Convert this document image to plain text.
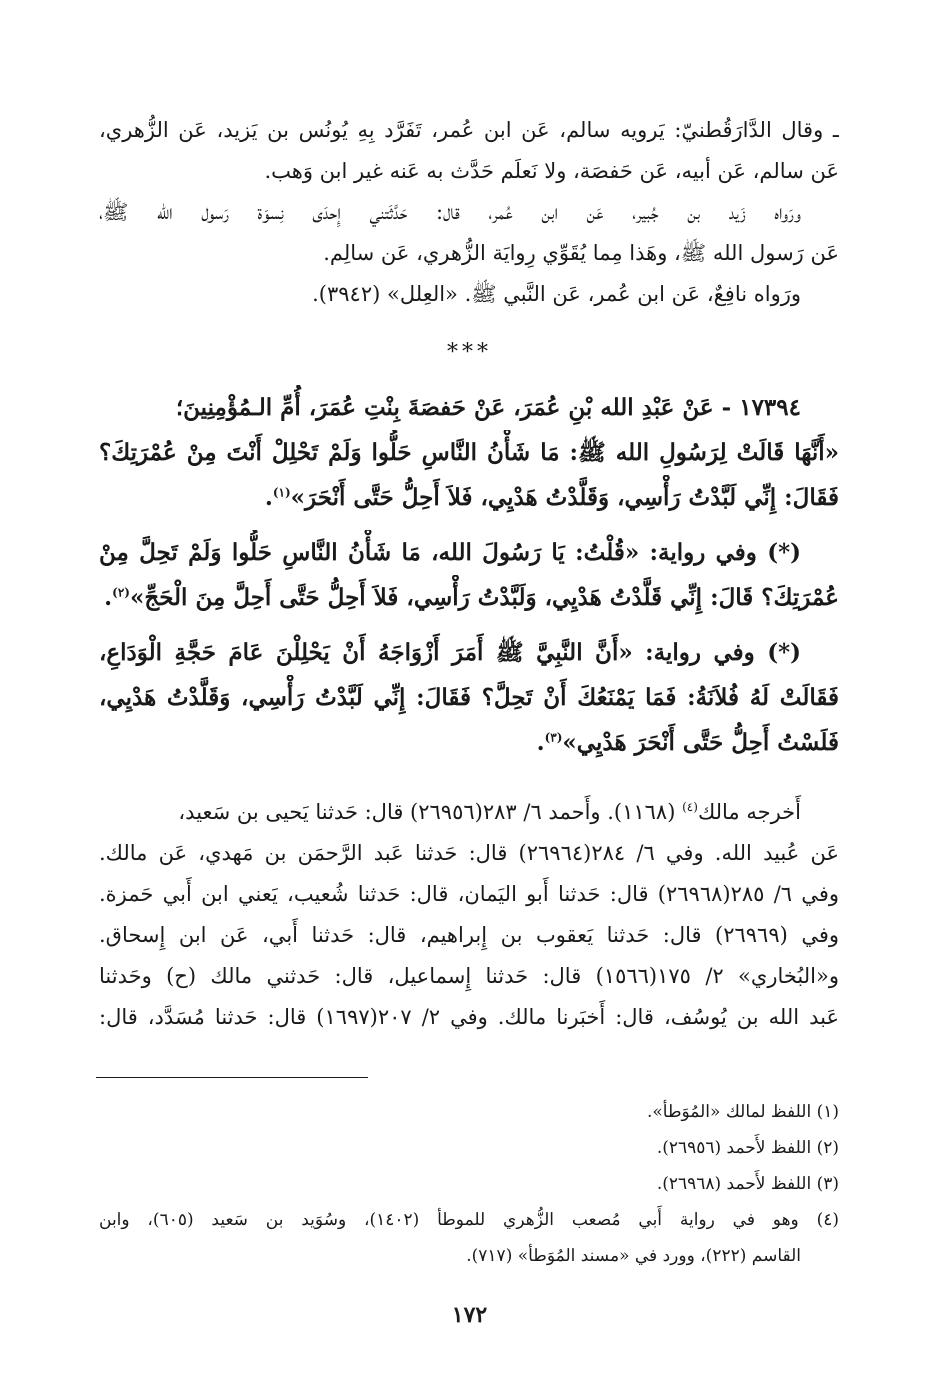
ـ وقال الدَّارَقُطنيّ: يَرويه سالم، عَن ابن عُمر، تَفَرَّد بِهِ يُونُس بن يَزيد، عَن الزُّهري،
عَن سالم، عَن أبيه، عَن حَفصَة، ولا نَعلَم حَدَّث به عَنه غير ابن وَهب.
ورَواه زَيد بن جُبير، عَن ابن عُمر، قال: حَدَّثَتني إِحدَى نِسوَة رَسول الله ﷺ،
عَن رَسول الله ﷺ، وهَذا مِما يُقَوِّي رِوايَة الزُّهري، عَن سالِم.
ورَواه نافِعٌ، عَن ابن عُمر، عَن النَّبي ﷺ. «العِلل» (٣٩٤٢).
***
١٧٣٩٤ - عَنْ عَبْدِ الله بْنِ عُمَرَ، عَنْ حَفصَةَ بِنْتِ عُمَرَ، أُمِّ الـمُؤْمِنِينَ؛
«أَنَّهَا قَالَتْ لِرَسُولِ الله ﷺ: مَا شَأْنُ النَّاسِ حَلُّوا وَلَمْ تَحْلِلْ أَنْتَ مِنْ عُمْرَتِكَ؟
فَقَالَ: إِنِّي لَبَّدْتُ رَأْسِي، وَقَلَّدْتُ هَدْيِي، فَلاَ أَحِلُّ حَتَّى أَنْحَرَ»$^{(١)}$.
(*) وفي رواية: «قُلْتُ: يَا رَسُولَ الله، مَا شَأْنُ النَّاسِ حَلُّوا وَلَمْ تَحِلَّ مِنْ
عُمْرَتِكَ؟ قَالَ: إِنِّي قَلَّدْتُ هَدْيِي، وَلَبَّدْتُ رَأْسِي، فَلاَ أَحِلُّ حَتَّى أَحِلَّ مِنَ الْحَجِّ»$^{(٢)}$.
(*) وفي رواية: «أَنَّ النَّبِيَّ ﷺ أَمَرَ أَزْوَاجَهُ أَنْ يَحْلِلْنَ عَامَ حَجَّةِ الْوَدَاعِ،
فَقَالَتْ لَهُ فُلاَنَةُ: فَمَا يَمْنَعُكَ أَنْ تَحِلَّ؟ فَقَالَ: إِنِّي لَبَّدْتُ رَأْسِي، وَقَلَّدْتُ هَدْيِي،
فَلَسْتُ أَحِلُّ حَتَّى أَنْحَرَ هَدْيِي»$^{(٣)}$.
أَخرجه مالك$^{(٤)}$ (١١٦٨). وأَحمد ٦/ ٢٨٣(٢٦٩٥٦) قال: حَدثنا يَحيى بن سَعيد،
عَن عُبيد الله. وفي ٦/ ٢٨٤(٢٦٩٦٤) قال: حَدثنا عَبد الرَّحمَن بن مَهدي، عَن مالك.
وفي ٦/ ٢٨٥(٢٦٩٦٨) قال: حَدثنا أَبو اليَمان، قال: حَدثنا شُعيب، يَعني ابن أَبي حَمزة.
وفي (٢٦٩٦٩) قال: حَدثنا يَعقوب بن إِبراهيم، قال: حَدثنا أَبي، عَن ابن إِسحاق.
و«البُخاري» ٢/ ١٧٥(١٥٦٦) قال: حَدثنا إِسماعيل، قال: حَدثني مالك (ح) وحَدثنا
عَبد الله بن يُوسُف، قال: أَخبَرنا مالك. وفي ٢/ ٢٠٧(١٦٩٧) قال: حَدثنا مُسَدَّد، قال:
(١) اللفظ لمالك «المُوَطأ».
(٢) اللفظ لأَحمد (٢٦٩٥٦).
(٣) اللفظ لأَحمد (٢٦٩٦٨).
(٤) وهو في رواية أَبي مُصعب الزُّهري للموطأ (١٤٠٢)، وسُوَيد بن سَعيد (٦٠٥)، وابن
القاسم (٢٢٢)، وورد في «مسند المُوَطأ» (٧١٧).
١٧٢
